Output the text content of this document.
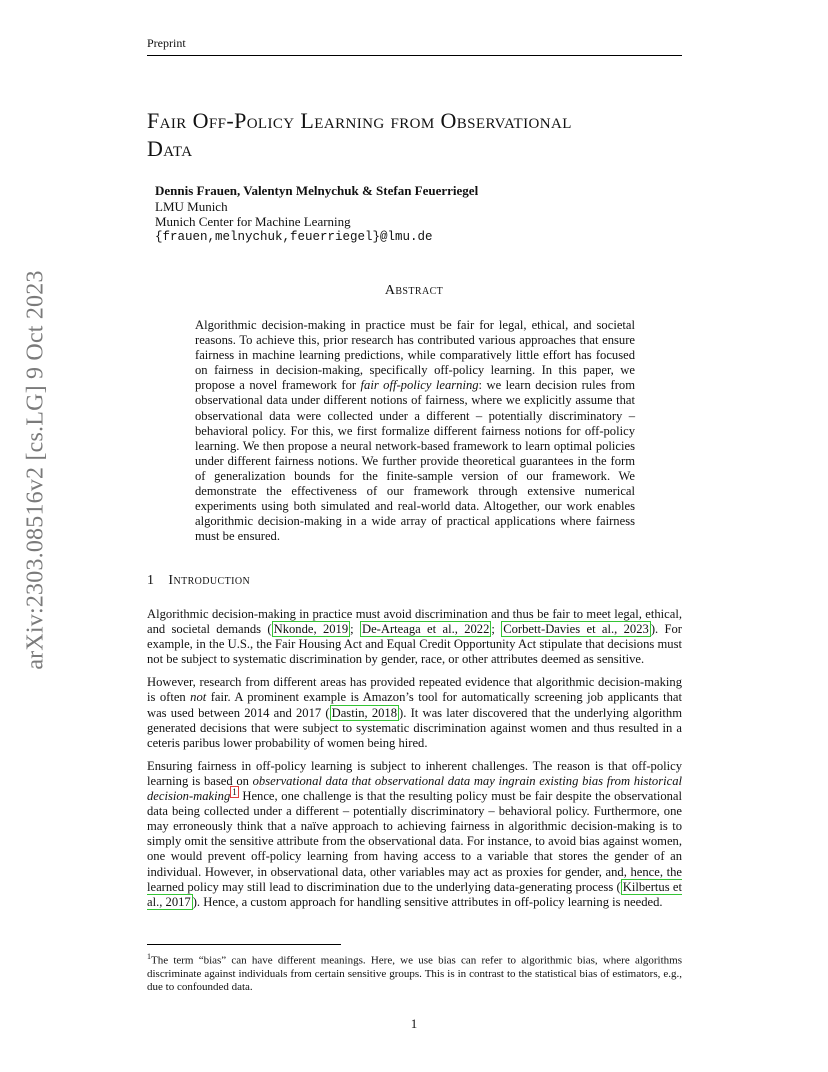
Preprint
arXiv:2303.08516v2 [cs.LG] 9 Oct 2023
Fair Off-Policy Learning from Observational
Data
Dennis Frauen, Valentyn Melnychuk & Stefan Feuerriegel
LMU Munich
Munich Center for Machine Learning
{frauen,melnychuk,feuerriegel}@lmu.de
Abstract
Algorithmic decision-making in practice must be fair for legal, ethical, and societal reasons. To achieve this, prior research has contributed various approaches that ensure fairness in machine learning predictions, while comparatively little effort has focused on fairness in decision-making, specifically off-policy learning. In this paper, we propose a novel framework for fair off-policy learning: we learn decision rules from observational data under different notions of fairness, where we explicitly assume that observational data were collected under a different – potentially discriminatory – behavioral policy. For this, we first formalize different fairness notions for off-policy learning. We then propose a neural network-based framework to learn optimal policies under different fairness notions. We further provide theoretical guarantees in the form of generalization bounds for the finite-sample version of our framework. We demonstrate the effectiveness of our framework through extensive numerical experiments using both simulated and real-world data. Altogether, our work enables algorithmic decision-making in a wide array of practical applications where fairness must be ensured.
1 Introduction

Algorithmic decision-making in practice must avoid discrimination and thus be fair to meet legal, ethical, and societal demands ( Nkonde, 2019 ; De-Arteaga et al., 2022 ; Corbett-Davies et al., 2023 ). For example, in the U.S., the Fair Housing Act and Equal Credit Opportunity Act stipulate that decisions must not be subject to systematic discrimination by gender, race, or other attributes deemed as sensitive.

However, research from different areas has provided repeated evidence that algorithmic decision-making is often not fair. A prominent example is Amazon’s tool for automatically screening job applicants that was used between 2014 and 2017 ( Dastin, 2018 ). It was later discovered that the underlying algorithm generated decisions that were subject to systematic discrimination against women and thus resulted in a ceteris paribus lower probability of women being hired.

Ensuring fairness in off-policy learning is subject to inherent challenges. The reason is that off-policy learning is based on observational data that observational data may ingrain existing bias from historical decision-making $^1$ Hence, one challenge is that the resulting policy must be fair despite the observational data being collected under a different – potentially discriminatory – behavioral policy. Furthermore, one may erroneously think that a naïve approach to achieving fairness in algorithmic decision-making is to simply omit the sensitive attribute from the observational data. For instance, to avoid bias against women, one would prevent off-policy learning from having access to a variable that stores the gender of an individual. However, in observational data, other variables may act as proxies for gender, and, hence, the learned policy may still lead to discrimination due to the underlying data-generating process ( Kilbertus et al., 2017 ). Hence, a custom approach for handling sensitive attributes in off-policy learning is needed.

$^1$The term “bias” can have different meanings. Here, we use bias can refer to algorithmic bias, where algorithms discriminate against individuals from certain sensitive groups. This is in contrast to the statistical bias of estimators, e.g., due to confounded data.
1
